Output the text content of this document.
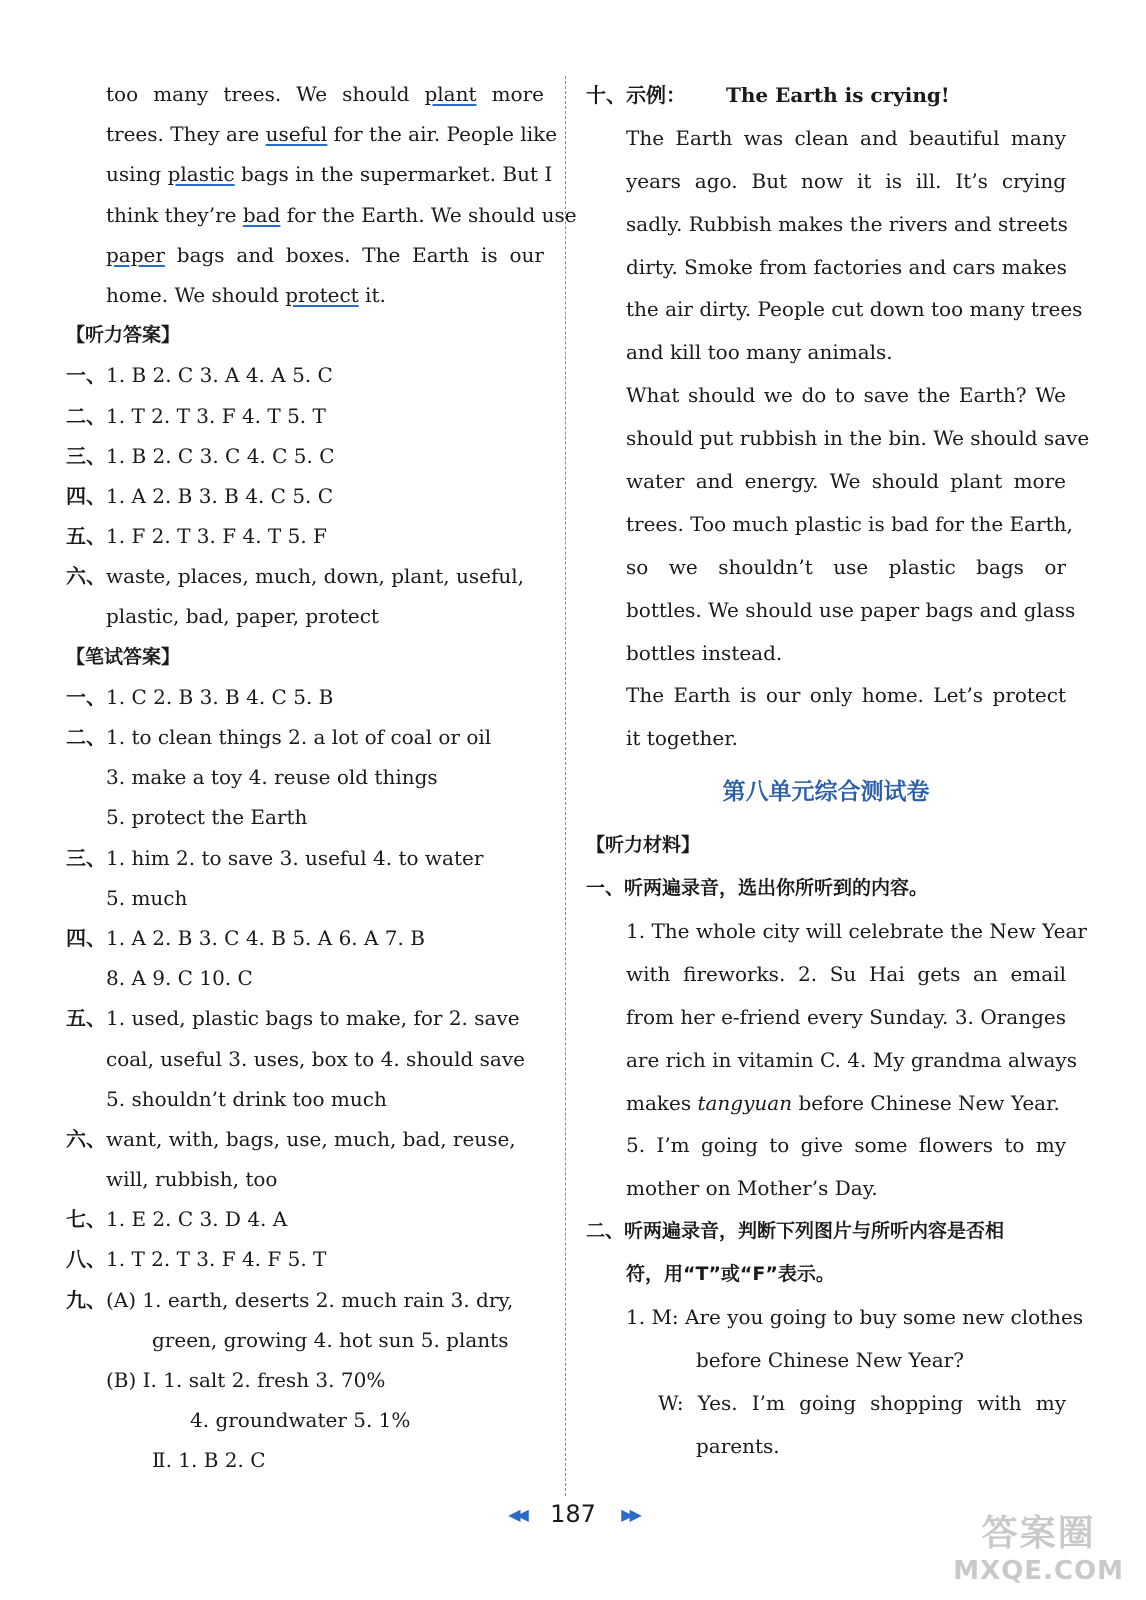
too many trees. We should plant more
trees. They are useful for the air. People like
using plastic bags in the supermarket. But I
think they’re bad for the Earth. We should use
paper bags and boxes. The Earth is our
home. We should protect it.
【听力答案】
一、1. B 2. C 3. A 4. A 5. C
二、1. T 2. T 3. F 4. T 5. T
三、1. B 2. C 3. C 4. C 5. C
四、1. A 2. B 3. B 4. C 5. C
五、1. F 2. T 3. F 4. T 5. F
六、waste, places, much, down, plant, useful,
plastic, bad, paper, protect
【笔试答案】
一、1. C 2. B 3. B 4. C 5. B
二、1. to clean things 2. a lot of coal or oil
3. make a toy 4. reuse old things
5. protect the Earth
三、1. him 2. to save 3. useful 4. to water
5. much
四、1. A 2. B 3. C 4. B 5. A 6. A 7. B
8. A 9. C 10. C
五、1. used, plastic bags to make, for 2. save
coal, useful 3. uses, box to 4. should save
5. shouldn’t drink too much
六、want, with, bags, use, much, bad, reuse,
will, rubbish, too
七、1. E 2. C 3. D 4. A
八、1. T 2. T 3. F 4. F 5. T
九、(A) 1. earth, deserts 2. much rain 3. dry,
green, growing 4. hot sun 5. plants
(B) Ⅰ. 1. salt 2. fresh 3. 70%
4. groundwater 5. 1%
Ⅱ. 1. B 2. C
十、示例： The Earth is crying!
The Earth was clean and beautiful many
years ago. But now it is ill. It’s crying
sadly. Rubbish makes the rivers and streets
dirty. Smoke from factories and cars makes
the air dirty. People cut down too many trees
and kill too many animals.
What should we do to save the Earth? We
should put rubbish in the bin. We should save
water and energy. We should plant more
trees. Too much plastic is bad for the Earth,
so we shouldn’t use plastic bags or
bottles. We should use paper bags and glass
bottles instead.
The Earth is our only home. Let’s protect
it together.
第八单元综合测试卷
【听力材料】
一、听两遍录音，选出你所听到的内容。
1. The whole city will celebrate the New Year
with fireworks. 2. Su Hai gets an email
from her e-friend every Sunday. 3. Oranges
are rich in vitamin C. 4. My grandma always
makes tangyuan before Chinese New Year.
5. I’m going to give some flowers to my
mother on Mother’s Day.
二、听两遍录音，判断下列图片与所听内容是否相
符，用“T”或“F”表示。
1. M: Are you going to buy some new clothes
before Chinese New Year?
W: Yes. I’m going shopping with my
parents.
◀◀ 187 ▶▶	答案圈
MXQE.COM
